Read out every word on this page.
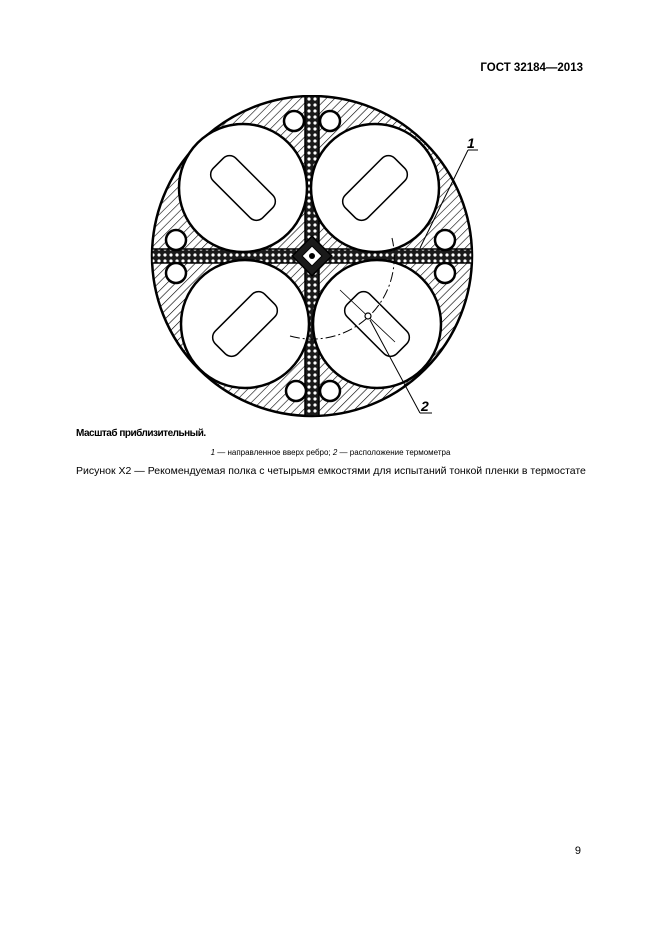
ГОСТ 32184—2013
1
2
Масштаб приблизительный.
1 — направленное вверх ребро; 2 — расположение термометра
Рисунок Х2 — Рекомендуемая полка с четырьмя емкостями для испытаний тонкой пленки в термостате
9
